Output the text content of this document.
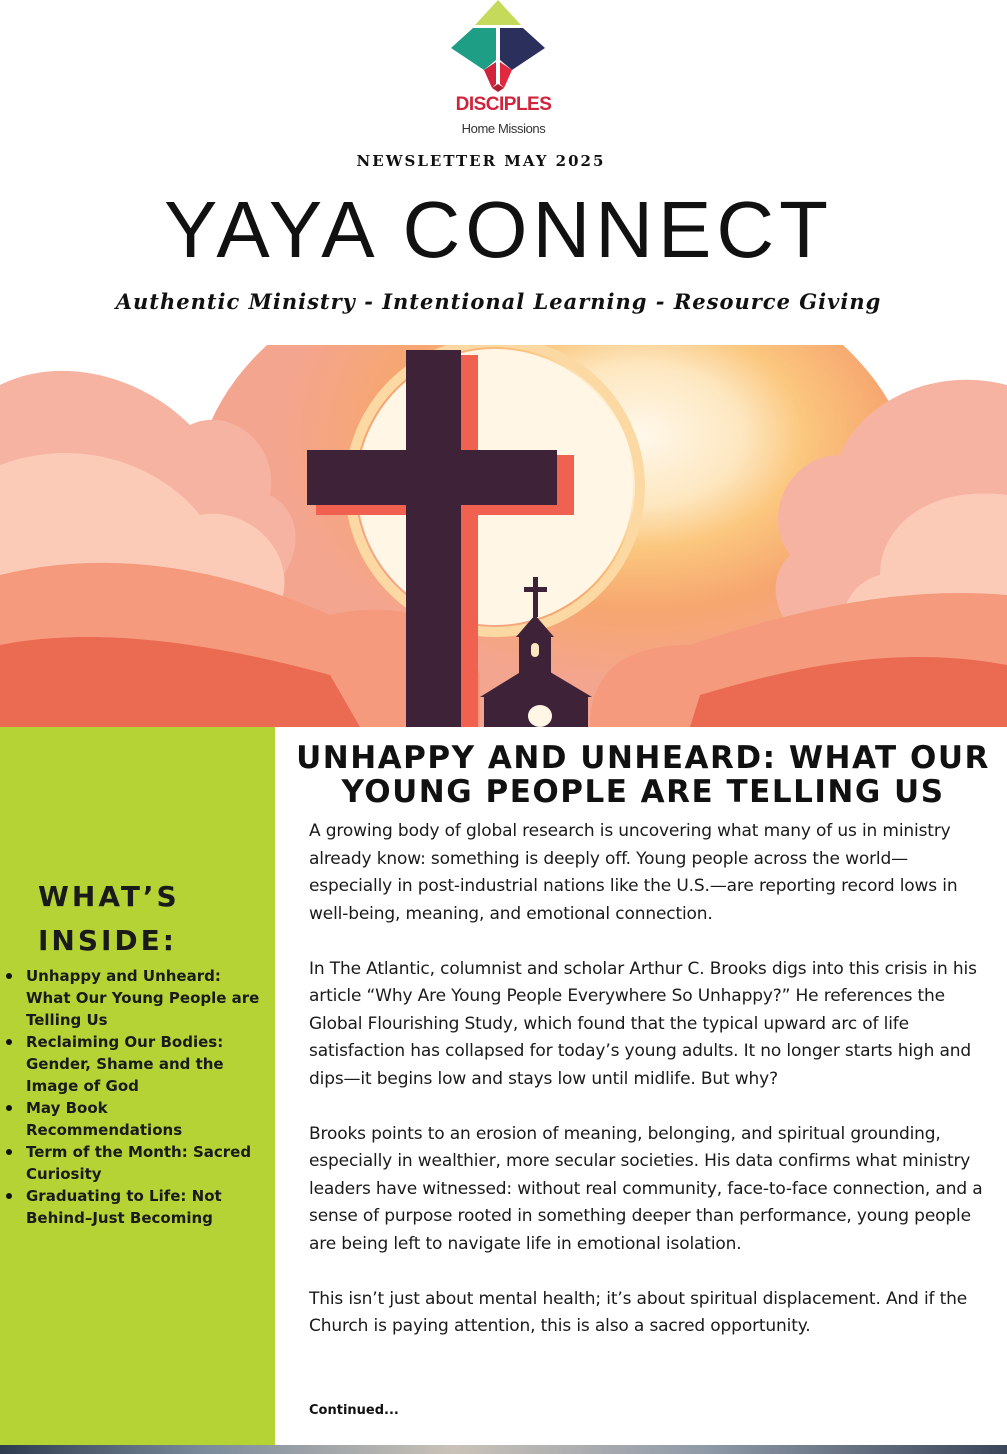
DISCIPLES
Home Missions
NEWSLETTER MAY 2025
YAYA CONNECT
Authentic Ministry - Intentional Learning - Resource Giving
WHAT’S INSIDE:
Unhappy and Unheard: What Our Young People are Telling Us
Reclaiming Our Bodies: Gender, Shame and the Image of God
May Book Recommendations
Term of the Month: Sacred Curiosity
Graduating to Life: Not Behind–Just Becoming
UNHAPPY AND UNHEARD: WHAT OUR YOUNG PEOPLE ARE TELLING US

A growing body of global research is uncovering what many of us in ministry already know: something is deeply off. Young people across the world—especially in post-industrial nations like the U.S.—are reporting record lows in well-being, meaning, and emotional connection.

In The Atlantic, columnist and scholar Arthur C. Brooks digs into this crisis in his article “Why Are Young People Everywhere So Unhappy?” He references the Global Flourishing Study, which found that the typical upward arc of life satisfaction has collapsed for today’s young adults. It no longer starts high and dips—it begins low and stays low until midlife. But why?

Brooks points to an erosion of meaning, belonging, and spiritual grounding, especially in wealthier, more secular societies. His data confirms what ministry leaders have witnessed: without real community, face-to-face connection, and a sense of purpose rooted in something deeper than performance, young people are being left to navigate life in emotional isolation.

This isn’t just about mental health; it’s about spiritual displacement. And if the Church is paying attention, this is also a sacred opportunity.

Continued...
